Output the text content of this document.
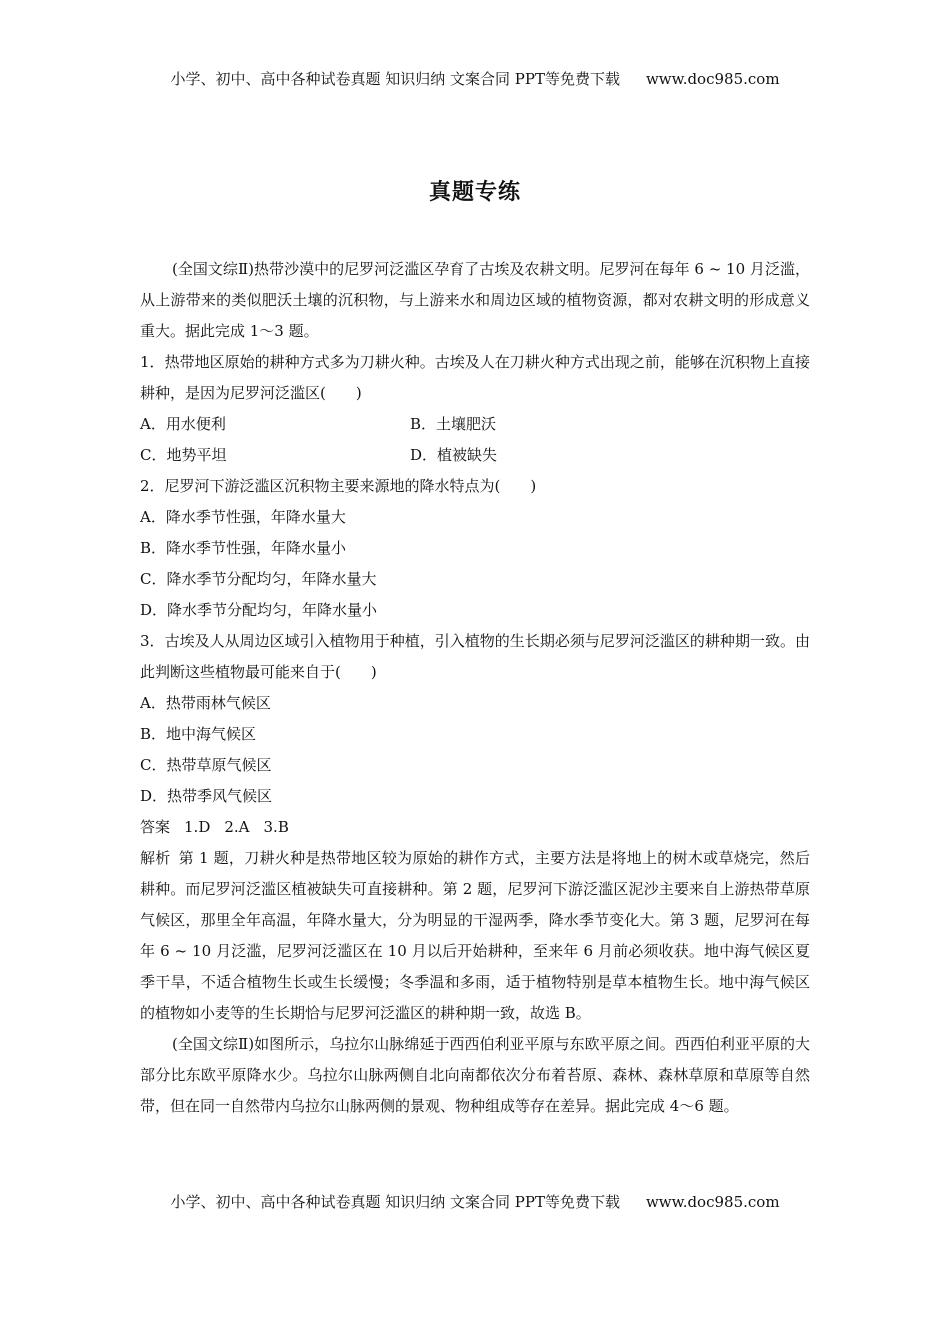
小学、初中、高中各种试卷真题 知识归纳 文案合同 PPT等免费下载 www.doc985.com
真题专练

(全国文综Ⅱ)热带沙漠中的尼罗河泛滥区孕育了古埃及农耕文明。尼罗河在每年 6 ~ 10 月泛滥，从上游带来的类似肥沃土壤的沉积物，与上游来水和周边区域的植物资源，都对农耕文明的形成意义重大。据此完成 1～3 题。

1．热带地区原始的耕种方式多为刀耕火种。古埃及人在刀耕火种方式出现之前，能够在沉积物上直接耕种，是因为尼罗河泛滥区(　　)

A．用水便利	B．土壤肥沃
C．地势平坦	D．植被缺失

2．尼罗河下游泛滥区沉积物主要来源地的降水特点为(　　)

A．降水季节性强，年降水量大

B．降水季节性强，年降水量小

C．降水季节分配均匀，年降水量大

D．降水季节分配均匀，年降水量小

3．古埃及人从周边区域引入植物用于种植，引入植物的生长期必须与尼罗河泛滥区的耕种期一致。由此判断这些植物最可能来自于(　　)

A．热带雨林气候区

B．地中海气候区

C．热带草原气候区

D．热带季风气候区

答案 1.D 2.A 3.B

解析 第 1 题，刀耕火种是热带地区较为原始的耕作方式，主要方法是将地上的树木或草烧完，然后耕种。而尼罗河泛滥区植被缺失可直接耕种。第 2 题，尼罗河下游泛滥区泥沙主要来自上游热带草原气候区，那里全年高温，年降水量大，分为明显的干湿两季，降水季节变化大。第 3 题，尼罗河在每年 6 ~ 10 月泛滥，尼罗河泛滥区在 10 月以后开始耕种，至来年 6 月前必须收获。地中海气候区夏季干旱，不适合植物生长或生长缓慢；冬季温和多雨，适于植物特别是草本植物生长。地中海气候区的植物如小麦等的生长期恰与尼罗河泛滥区的耕种期一致，故选 B。

(全国文综Ⅱ)如图所示，乌拉尔山脉绵延于西西伯利亚平原与东欧平原之间。西西伯利亚平原的大部分比东欧平原降水少。乌拉尔山脉两侧自北向南都依次分布着苔原、森林、森林草原和草原等自然带，但在同一自然带内乌拉尔山脉两侧的景观、物种组成等存在差异。据此完成 4～6 题。

小学、初中、高中各种试卷真题 知识归纳 文案合同 PPT等免费下载 www.doc985.com
